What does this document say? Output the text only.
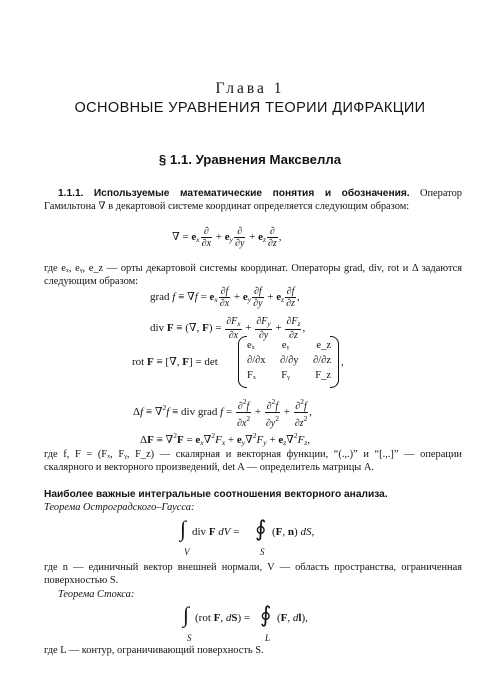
Глава 1
ОСНОВНЫЕ УРАВНЕНИЯ ТЕОРИИ ДИФРАКЦИИ
§ 1.1. Уравнения Максвелла
1.1.1. Используемые математические понятия и обозначения. Оператор Гамильтона ∇ в декартовой системе координат определяется следующим образом:
∇ = $e_x \frac{\partial}{\partial x} + e_y \frac{\partial}{\partial y} + e_z \frac{\partial}{\partial z}$ ,
где eₓ, eᵧ, e_z — орты декартовой системы координат. Операторы grad, div, rot и Δ задаются следующим образом:
grad $f \equiv \nabla f = e_x \frac{\partial f}{\partial x} + e_y \frac{\partial f}{\partial y} + e_z \frac{\partial f}{\partial z}$ ,
div F ≡ (∇, $F) = \frac{\partial F_x}{\partial x} + \frac{\partial F_y}{\partial y} + \frac{\partial F_z}{\partial z}$ ,
rot F ≡ [∇, F] = det
eₓ	eᵧ	e_z
∂/∂x ∂/∂y ∂/∂z
Fₓ Fᵧ F_z
,
Δf ≡ ∇$^2$f ≡ div grad $f = \frac{\partial^2f}{\partial x^2} + \frac{\partial^2f}{\partial y^2} + \frac{\partial^2f}{\partial z^2}$ ,
$\Delta F \equiv \nabla^2F = e_x\nabla^2F_x + e_y\nabla^2F_y + e_z\nabla^2F_z$,
где f, F = (Fₓ, Fᵧ, F_z) — скалярная и векторная функции, “(.,.)” и “[.,.]” — операции скалярного и векторного произведений, det A — определитель матрицы A.
Наиболее важные интегральные соотношения векторного анализа.
Теорема Остроградского–Гаусса:
∫
V
div F dV = ∮
S
(F, n) dS,
где n — единичный вектор внешней нормали, V — область пространства, ограниченная поверхностью S.
Теорема Стокса:
∫
S
(rot F, dS) = ∮
L
(F, dl),
где L — контур, ограничивающий поверхность S.
